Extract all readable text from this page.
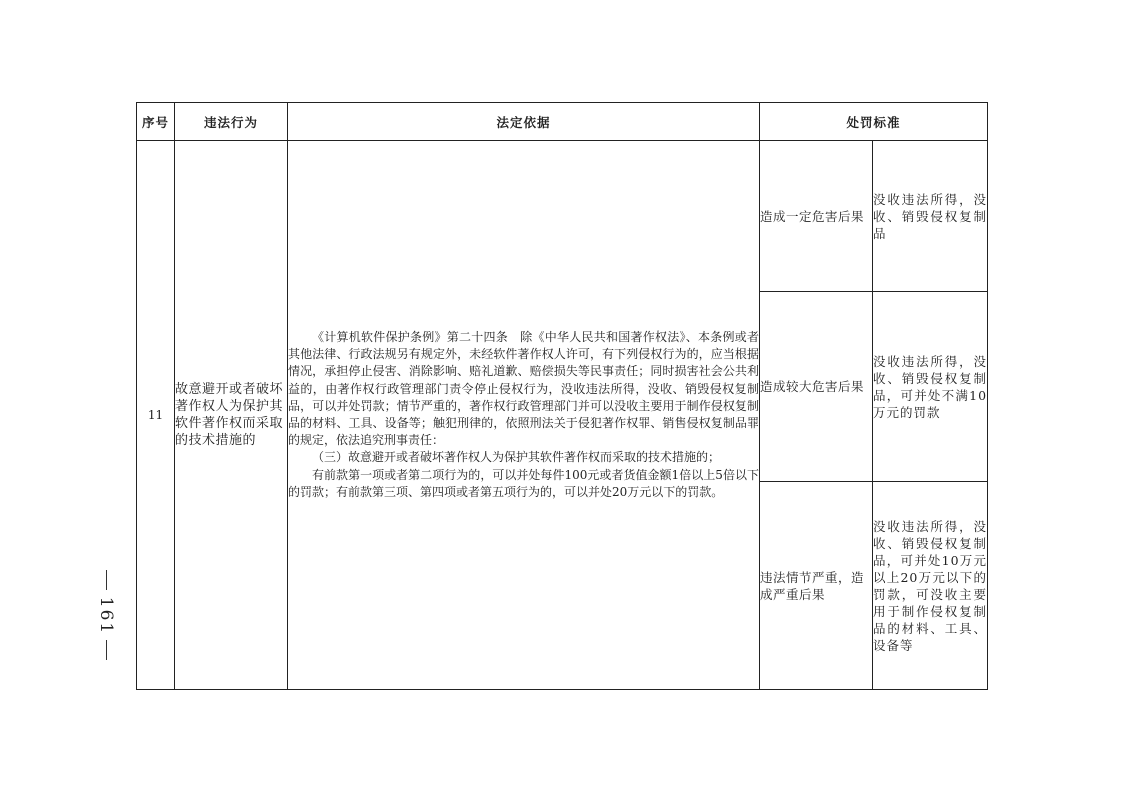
序号	违法行为	法定依据	处罚标准	
11	故意避开或者破坏著作权人为保护其软件著作权而采取的技术措施的	《计算机软件保护条例》第二十四条　除《中华人民共和国著作权法》、本条例或者其他法律、行政法规另有规定外，未经软件著作权人许可，有下列侵权行为的，应当根据情况，承担停止侵害、消除影响、赔礼道歉、赔偿损失等民事责任；同时损害社会公共利益的，由著作权行政管理部门责令停止侵权行为，没收违法所得，没收、销毁侵权复制品，可以并处罚款；情节严重的，著作权行政管理部门并可以没收主要用于制作侵权复制品的材料、工具、设备等；触犯刑律的，依照刑法关于侵犯著作权罪、销售侵权复制品罪的规定，依法追究刑事责任：

（三）故意避开或者破坏著作权人为保护其软件著作权而采取的技术措施的；

有前款第一项或者第二项行为的，可以并处每件100元或者货值金额1倍以上5倍以下的罚款；有前款第三项、第四项或者第五项行为的，可以并处20万元以下的罚款。	造成一定危害后果	没收违法所得，没收、销毁侵权复制品
			造成较大危害后果	没收违法所得，没收、销毁侵权复制品，可并处不满10万元的罚款
			违法情节严重，造成严重后果	没收违法所得，没收、销毁侵权复制品，可并处10万元以上20万元以下的罚款，可没收主要用于制作侵权复制品的材料、工具、设备等
161
